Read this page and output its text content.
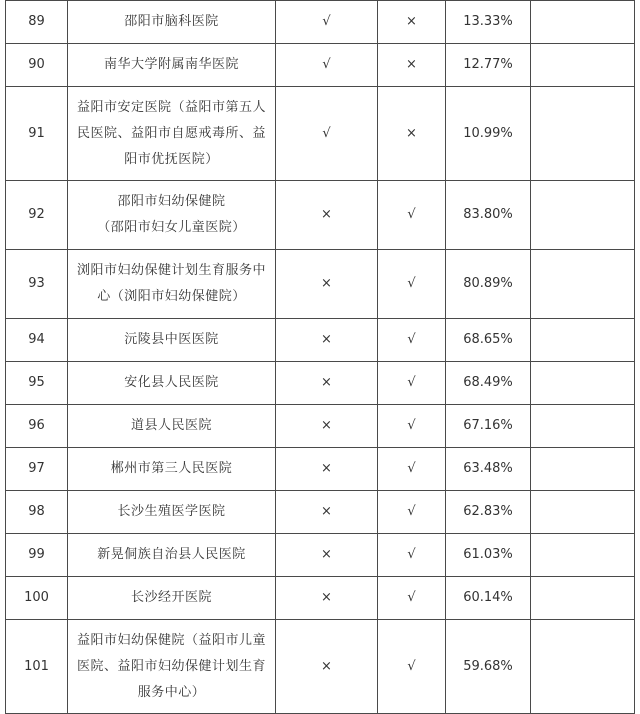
89	邵阳市脑科医院	√	×	13.33%	
90	南华大学附属南华医院	√	×	12.77%	
91	益阳市安定医院（益阳市第五人
民医院、益阳市自愿戒毒所、益
阳市优抚医院）	√	×	10.99%	
92	邵阳市妇幼保健院
（邵阳市妇女儿童医院）	×	√	83.80%	
93	浏阳市妇幼保健计划生育服务中
心（浏阳市妇幼保健院）	×	√	80.89%	
94	沅陵县中医医院	×	√	68.65%	
95	安化县人民医院	×	√	68.49%	
96	道县人民医院	×	√	67.16%	
97	郴州市第三人民医院	×	√	63.48%	
98	长沙生殖医学医院	×	√	62.83%	
99	新晃侗族自治县人民医院	×	√	61.03%	
100	长沙经开医院	×	√	60.14%	
101	益阳市妇幼保健院（益阳市儿童
医院、益阳市妇幼保健计划生育
服务中心）	×	√	59.68%	
